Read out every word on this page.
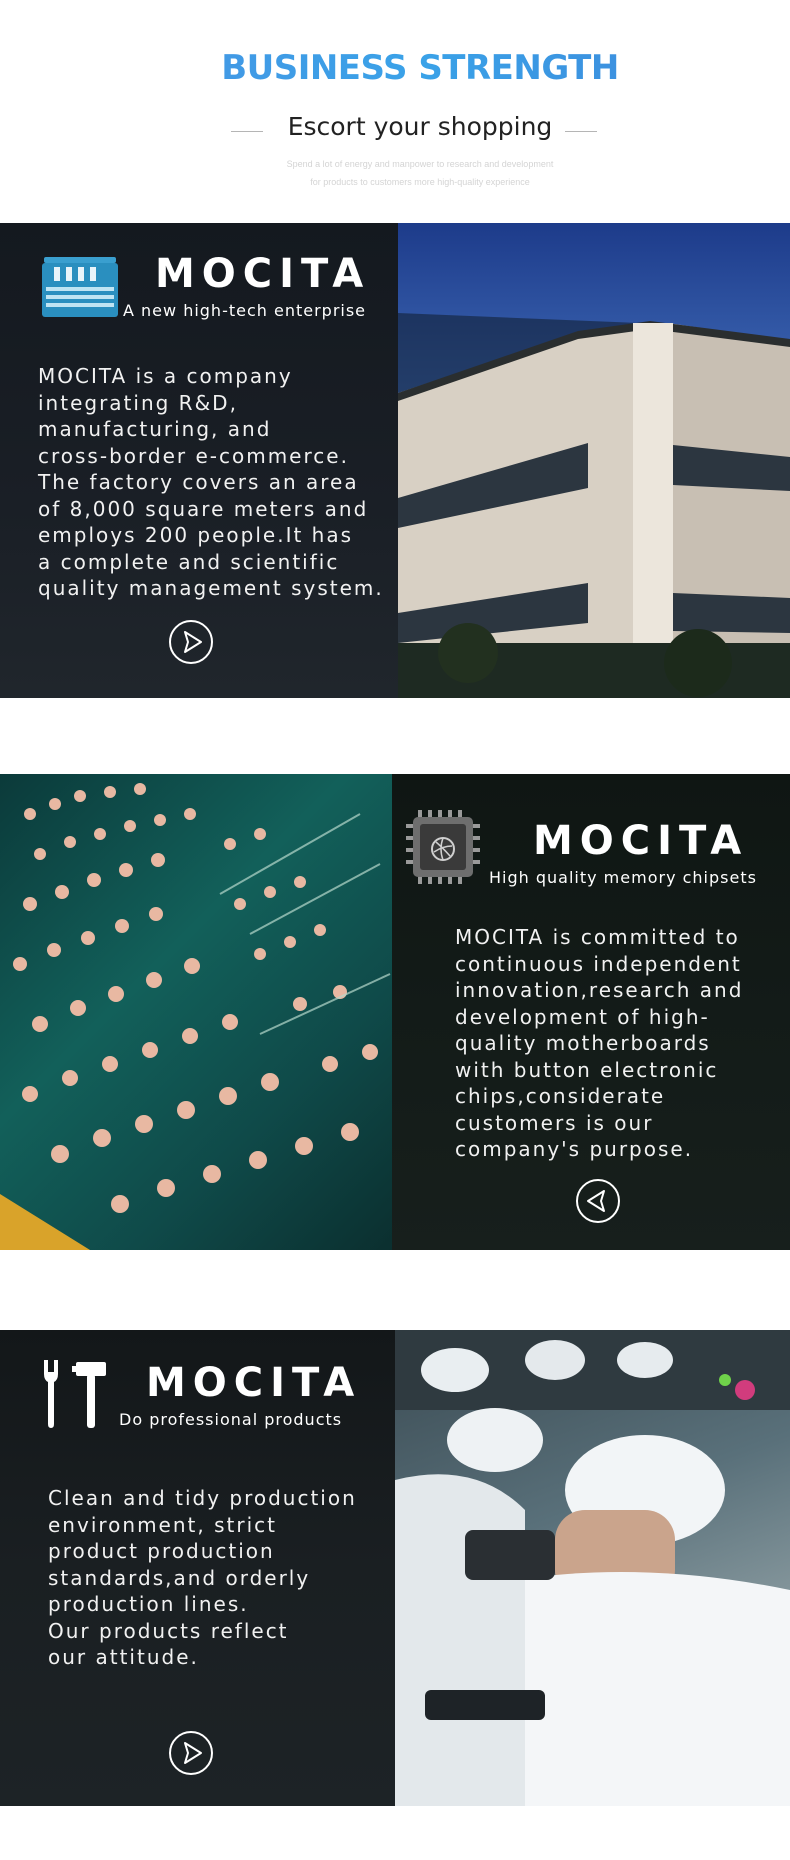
BUSINESS STRENGTH
Escort your shopping
Spend a lot of energy and manpower to research and development
for products to customers more high-quality experience
MOCITA
A new high-tech enterprise
MOCITA is a company
integrating R&D,
manufacturing, and
cross-border e-commerce.
The factory covers an area
of 8,000 square meters and
employs 200 people.It has
a complete and scientific
quality management system.
MOCITA
High quality memory chipsets
MOCITA is committed to
continuous independent
innovation,research and
development of high-
quality motherboards
with button electronic
chips,considerate
customers is our
company's purpose.
MOCITA
Do professional products
Clean and tidy production
environment, strict
product production
standards,and orderly
production lines.
Our products reflect
our attitude.
